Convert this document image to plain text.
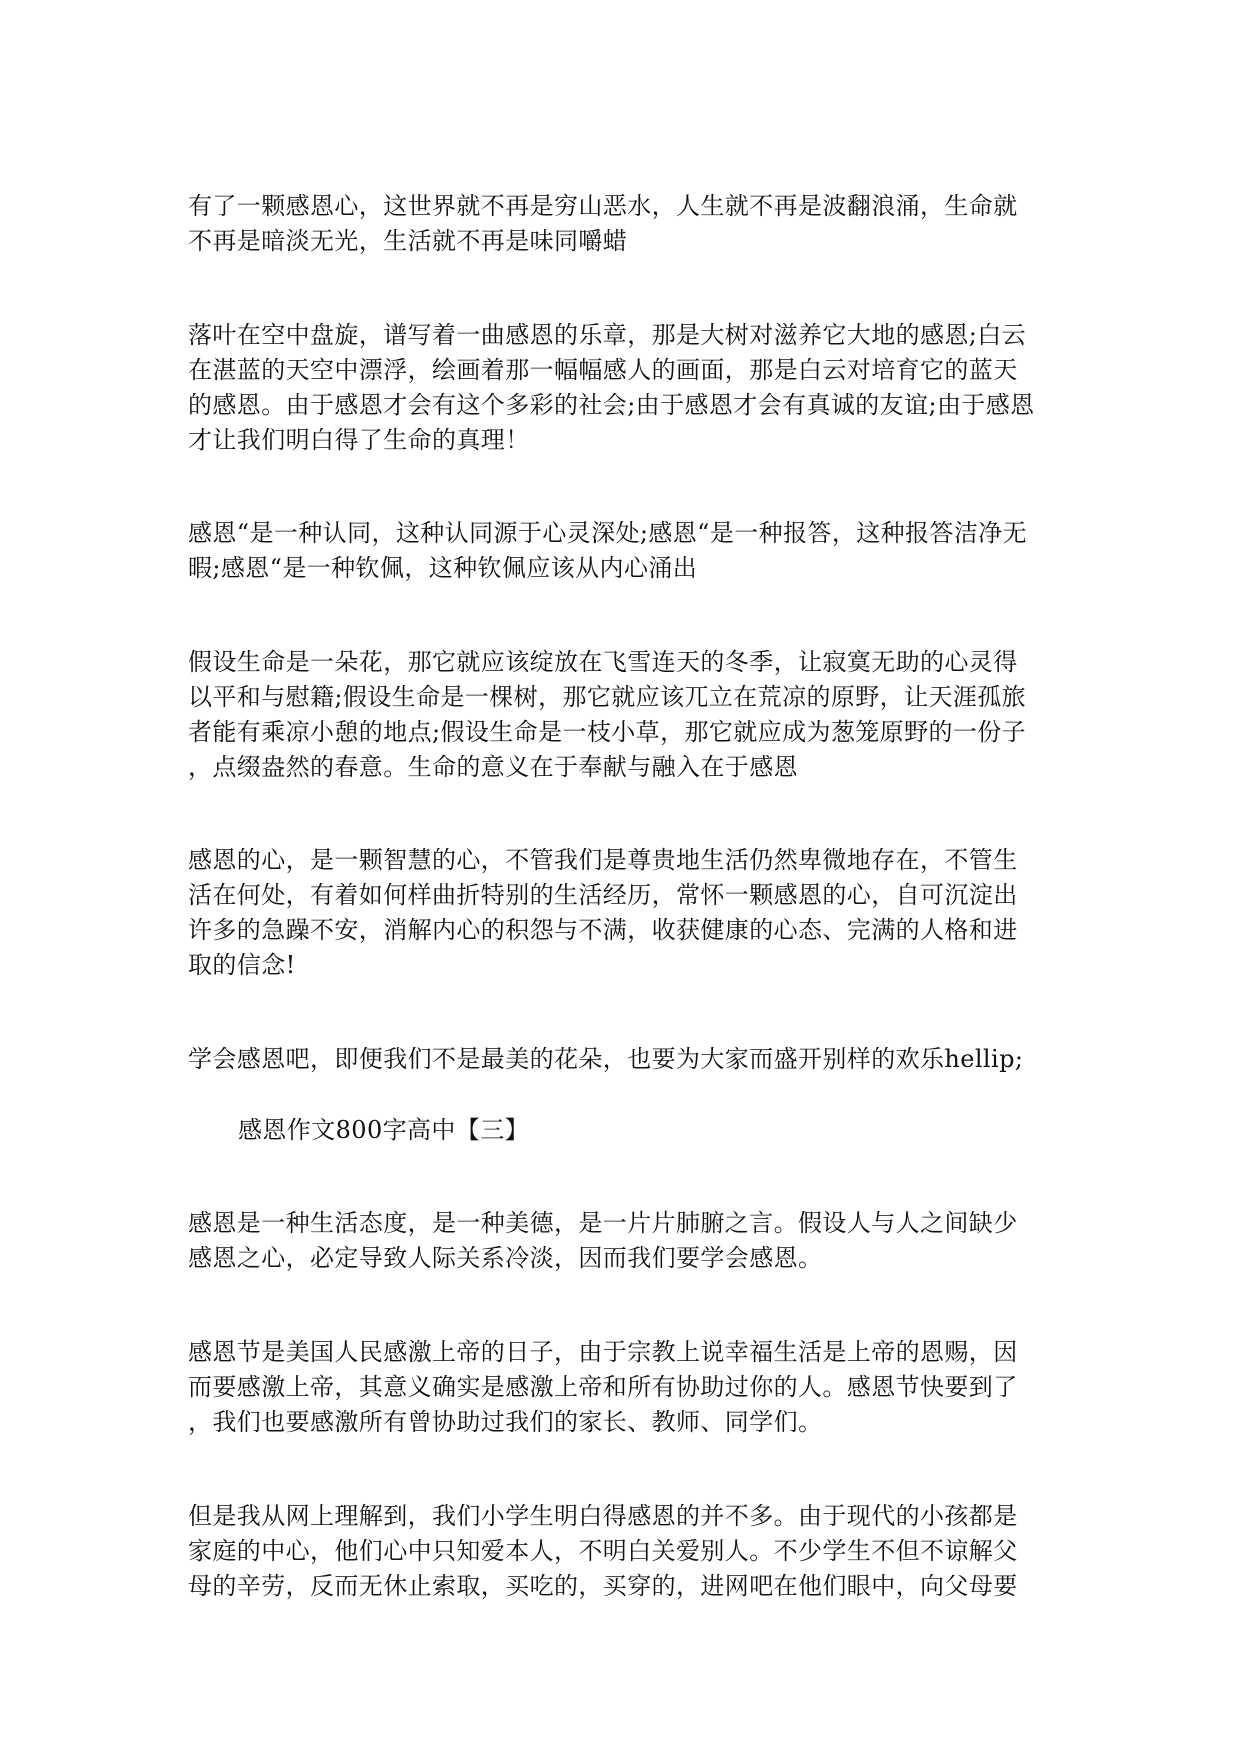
有了一颗感恩心，这世界就不再是穷山恶水，人生就不再是波翻浪涌，生命就
不再是暗淡无光，生活就不再是味同嚼蜡

落叶在空中盘旋，谱写着一曲感恩的乐章，那是大树对滋养它大地的感恩;白云
在湛蓝的天空中漂浮，绘画着那一幅幅感人的画面，那是白云对培育它的蓝天
的感恩。由于感恩才会有这个多彩的社会;由于感恩才会有真诚的友谊;由于感恩
才让我们明白得了生命的真理！

感恩“是一种认同，这种认同源于心灵深处;感恩“是一种报答，这种报答洁净无
暇;感恩“是一种钦佩，这种钦佩应该从内心涌出

假设生命是一朵花，那它就应该绽放在飞雪连天的冬季，让寂寞无助的心灵得
以平和与慰籍;假设生命是一棵树，那它就应该兀立在荒凉的原野，让天涯孤旅
者能有乘凉小憩的地点;假设生命是一枝小草，那它就应成为葱笼原野的一份子
，点缀盎然的春意。生命的意义在于奉献与融入在于感恩

感恩的心，是一颗智慧的心，不管我们是尊贵地生活仍然卑微地存在，不管生
活在何处，有着如何样曲折特别的生活经历，常怀一颗感恩的心，自可沉淀出
许多的急躁不安，消解内心的积怨与不满，收获健康的心态、完满的人格和进
取的信念!

学会感恩吧，即便我们不是最美的花朵，也要为大家而盛开别样的欢乐hellip;

感恩作文800字高中【三】

感恩是一种生活态度，是一种美德，是一片片肺腑之言。假设人与人之间缺少
感恩之心，必定导致人际关系冷淡，因而我们要学会感恩。

感恩节是美国人民感激上帝的日子，由于宗教上说幸福生活是上帝的恩赐，因
而要感激上帝，其意义确实是感激上帝和所有协助过你的人。感恩节快要到了
，我们也要感激所有曾协助过我们的家长、教师、同学们。

但是我从网上理解到，我们小学生明白得感恩的并不多。由于现代的小孩都是
家庭的中心，他们心中只知爱本人，不明白关爱别人。不少学生不但不谅解父
母的辛劳，反而无休止索取，买吃的，买穿的，进网吧在他们眼中，向父母要
